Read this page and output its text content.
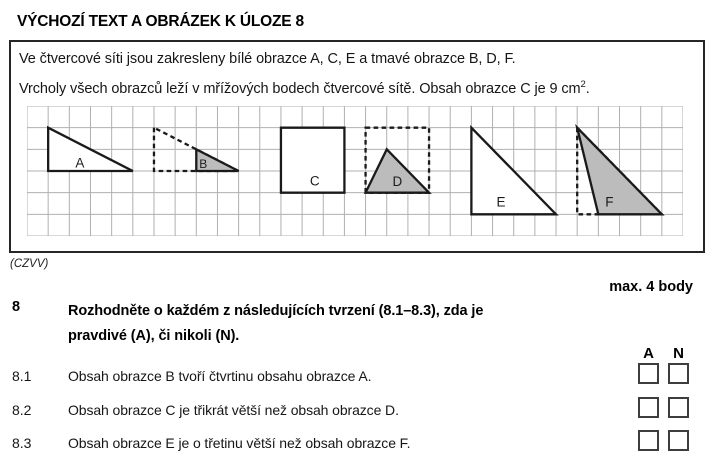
VÝCHOZÍ TEXT A OBRÁZEK K ÚLOZE 8
Ve čtvercové síti jsou zakresleny bílé obrazce A, C, E a tmavé obrazce B, D, F.
Vrcholy všech obrazců leží v mřížových bodech čtvercové sítě. Obsah obrazce C je 9 $cm^2$.
A	B
C	D
E	F
(CZVV)
max. 4 body
8	Rozhodněte o každém z následujících tvrzení (8.1–8.3), zda je
pravdivé (A), či nikoli (N).
A	N
8.1	Obsah obrazce B tvoří čtvrtinu obsahu obrazce A.
8.2	Obsah obrazce C je třikrát větší než obsah obrazce D.
8.3	Obsah obrazce E je o třetinu větší než obsah obrazce F.
